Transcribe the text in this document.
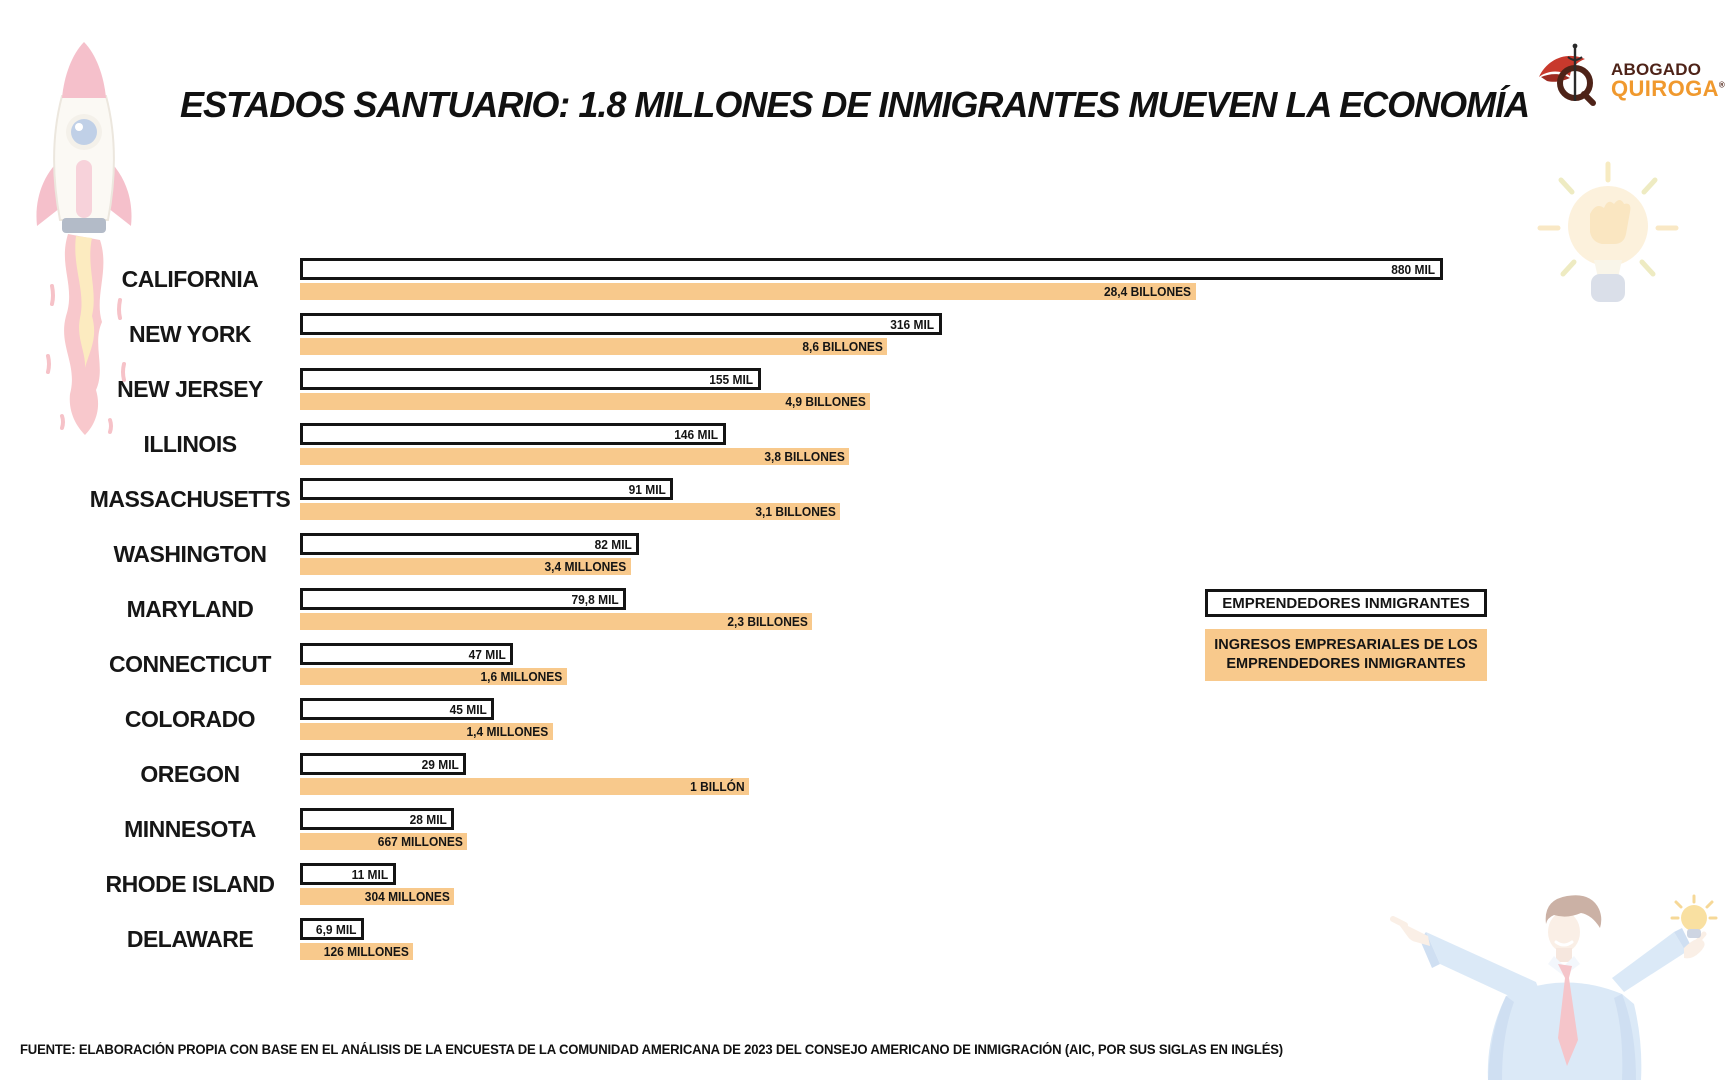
ESTADOS SANTUARIO: 1.8 MILLONES DE INMIGRANTES MUEVEN LA ECONOMÍA
ABOGADO
QUIROGA®
CALIFORNIA	880 MIL
28,4 BILLONES
NEW YORK	316 MIL
8,6 BILLONES
NEW JERSEY	155 MIL
4,9 BILLONES
ILLINOIS	146 MIL
3,8 BILLONES
MASSACHUSETTS	91 MIL
3,1 BILLONES
WASHINGTON	82 MIL
3,4 MILLONES
MARYLAND	79,8 MIL
2,3 BILLONES
CONNECTICUT	47 MIL
1,6 MILLONES
COLORADO	45 MIL
1,4 MILLONES
OREGON	29 MIL
1 BILLÓN
MINNESOTA	28 MIL
667 MILLONES
RHODE ISLAND	11 MIL
304 MILLONES
DELAWARE	6,9 MIL
126 MILLONES
EMPRENDEDORES INMIGRANTES
INGRESOS EMPRESARIALES DE LOS
EMPRENDEDORES INMIGRANTES
FUENTE: ELABORACIÓN PROPIA CON BASE EN EL ANÁLISIS DE LA ENCUESTA DE LA COMUNIDAD AMERICANA DE 2023 DEL CONSEJO AMERICANO DE INMIGRACIÓN (AIC, POR SUS SIGLAS EN INGLÉS)
